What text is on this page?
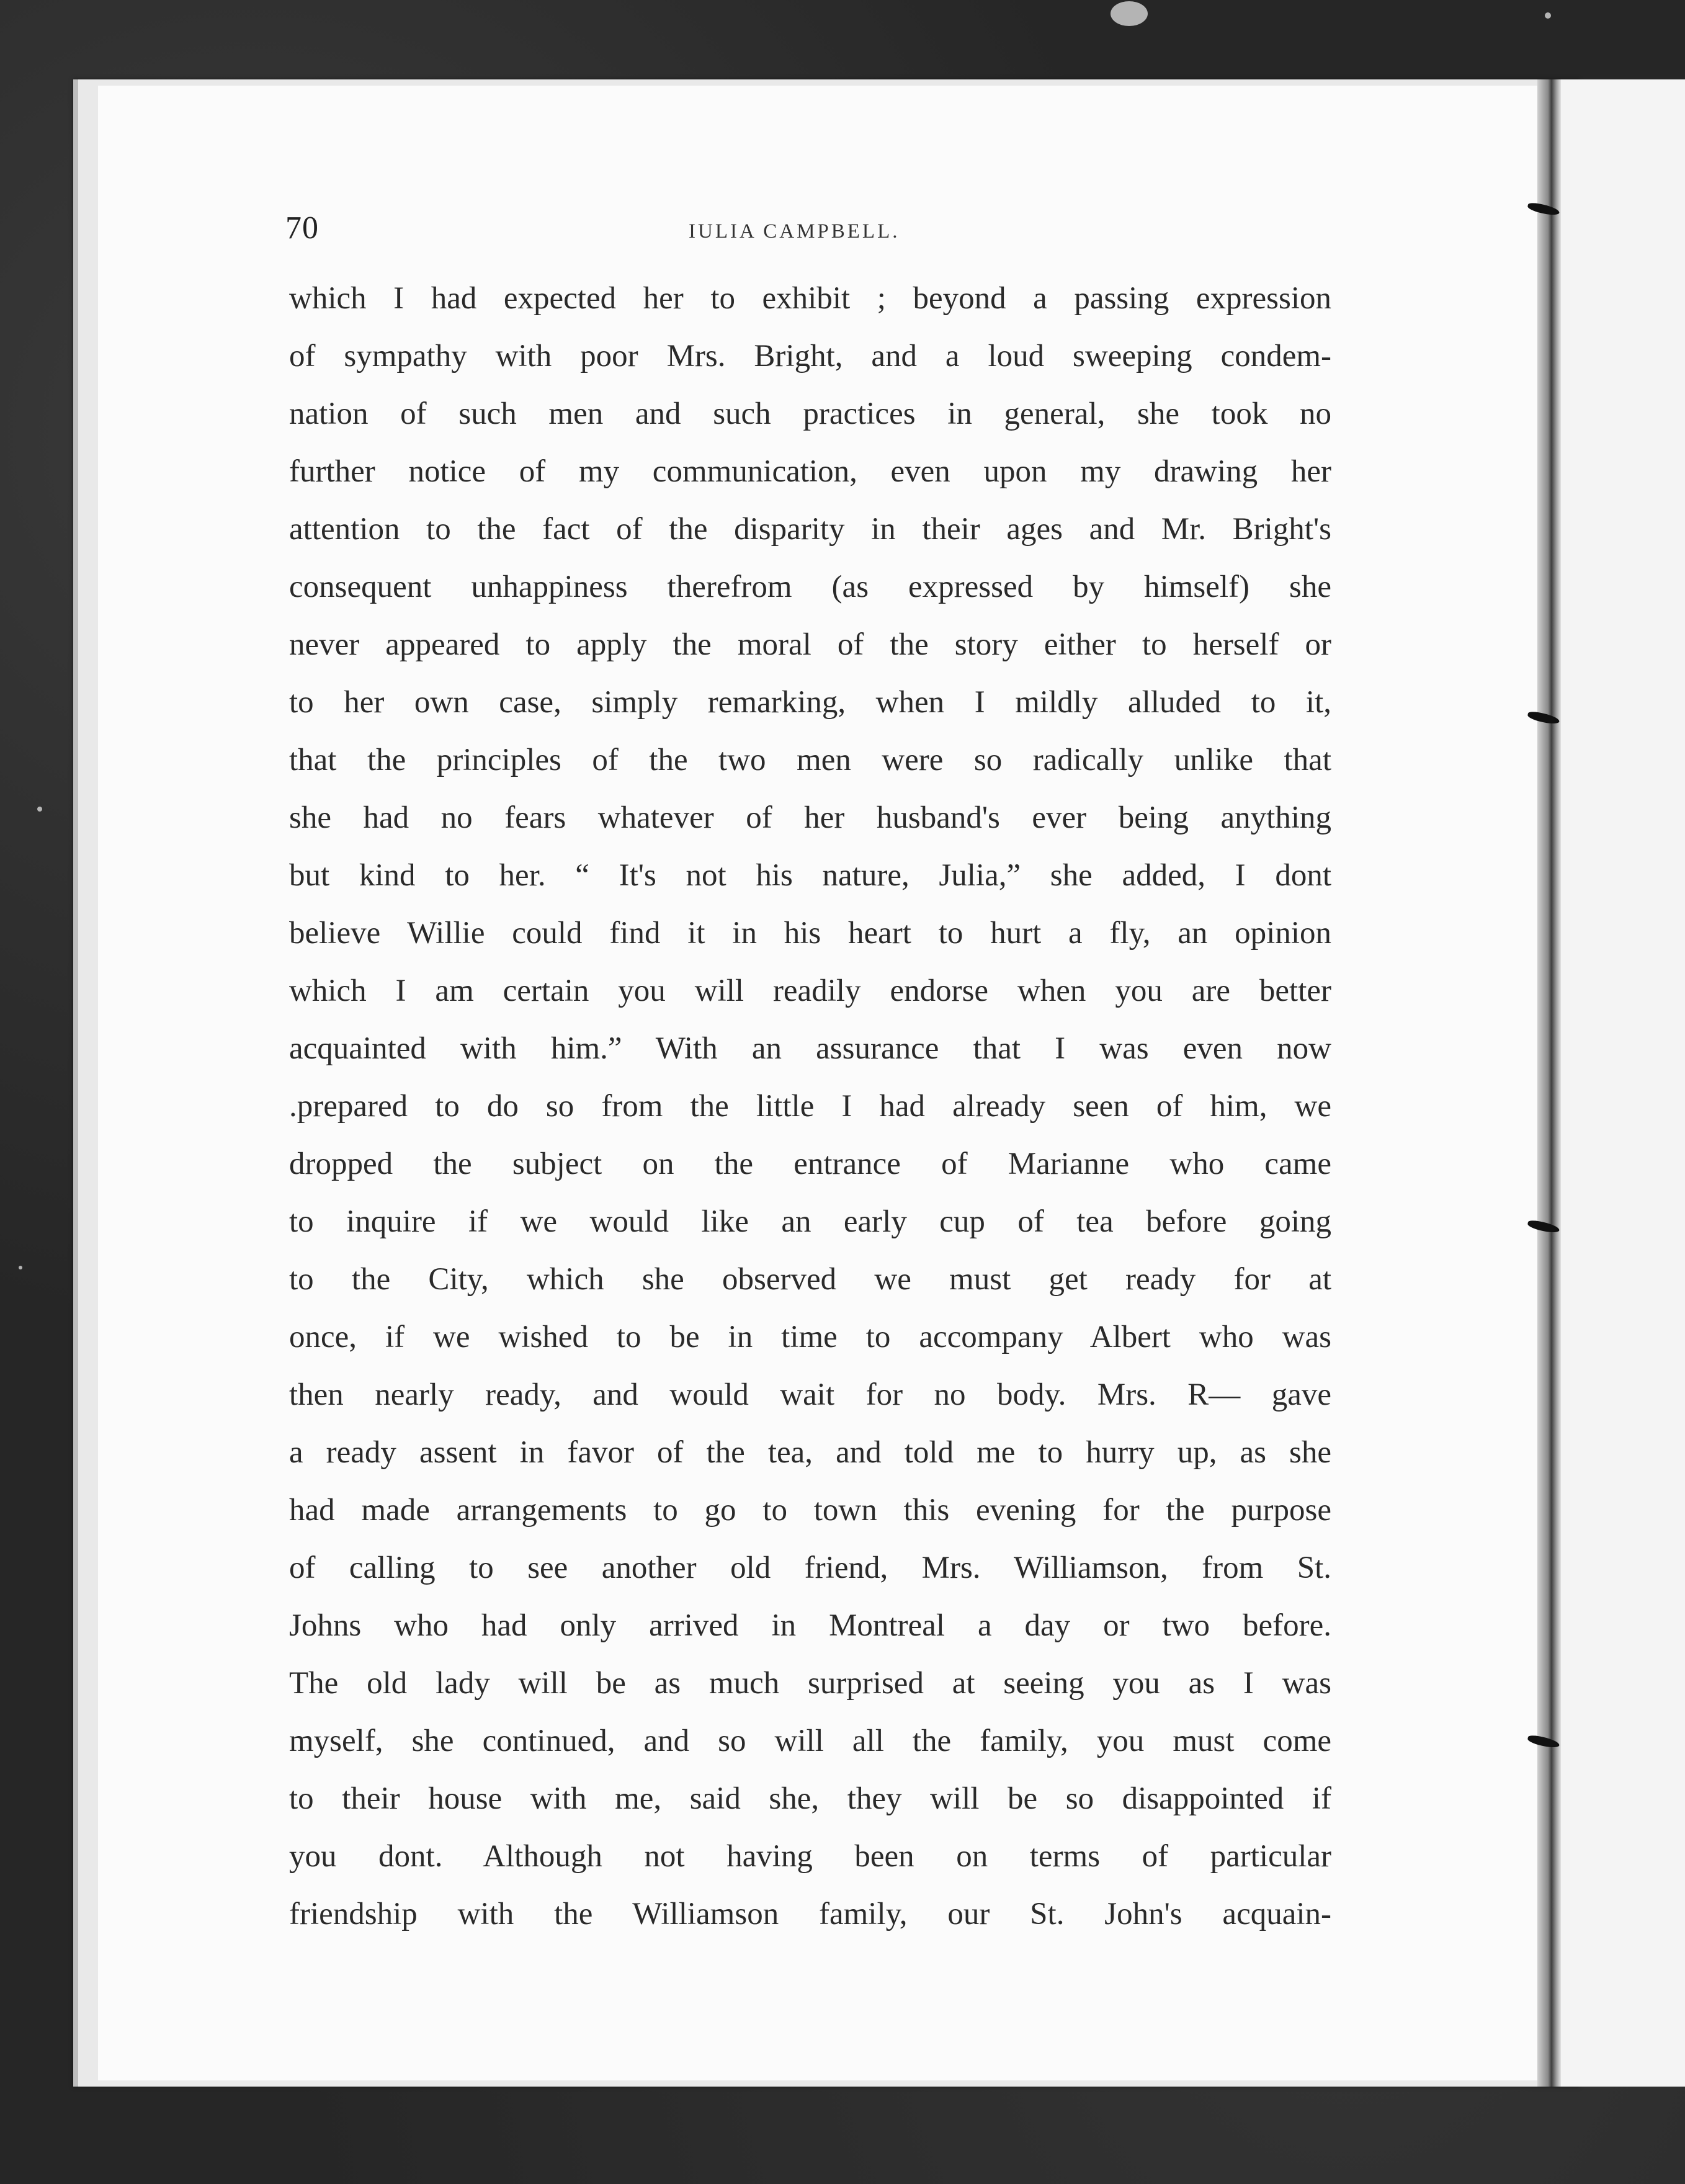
70	IULIA CAMPBELL.
which I had expected her to exhibit ; beyond a passing expression
of sympathy with poor Mrs. Bright, and a loud sweeping condem-
nation of such men and such practices in general, she took no
further notice of my communication, even upon my drawing her
attention to the fact of the disparity in their ages and Mr. Bright's
consequent unhappiness therefrom (as expressed by himself) she
never appeared to apply the moral of the story either to herself or
to her own case, simply remarking, when I mildly alluded to it,
that the principles of the two men were so radically unlike that
she had no fears whatever of her husband's ever being anything
but kind to her. “ It's not his nature, Julia,” she added, I dont
believe Willie could find it in his heart to hurt a fly, an opinion
which I am certain you will readily endorse when you are better
acquainted with him.” With an assurance that I was even now
.prepared to do so from the little I had already seen of him, we
dropped the subject on the entrance of Marianne who came
to inquire if we would like an early cup of tea before going
to the City, which she observed we must get ready for at
once, if we wished to be in time to accompany Albert who was
then nearly ready, and would wait for no body. Mrs. R— gave
a ready assent in favor of the tea, and told me to hurry up, as she
had made arrangements to go to town this evening for the purpose
of calling to see another old friend, Mrs. Williamson, from St.
Johns who had only arrived in Montreal a day or two before.
The old lady will be as much surprised at seeing you as I was
myself, she continued, and so will all the family, you must come
to their house with me, said she, they will be so disappointed if
you dont. Although not having been on terms of particular
friendship with the Williamson family, our St. John's acquain-
